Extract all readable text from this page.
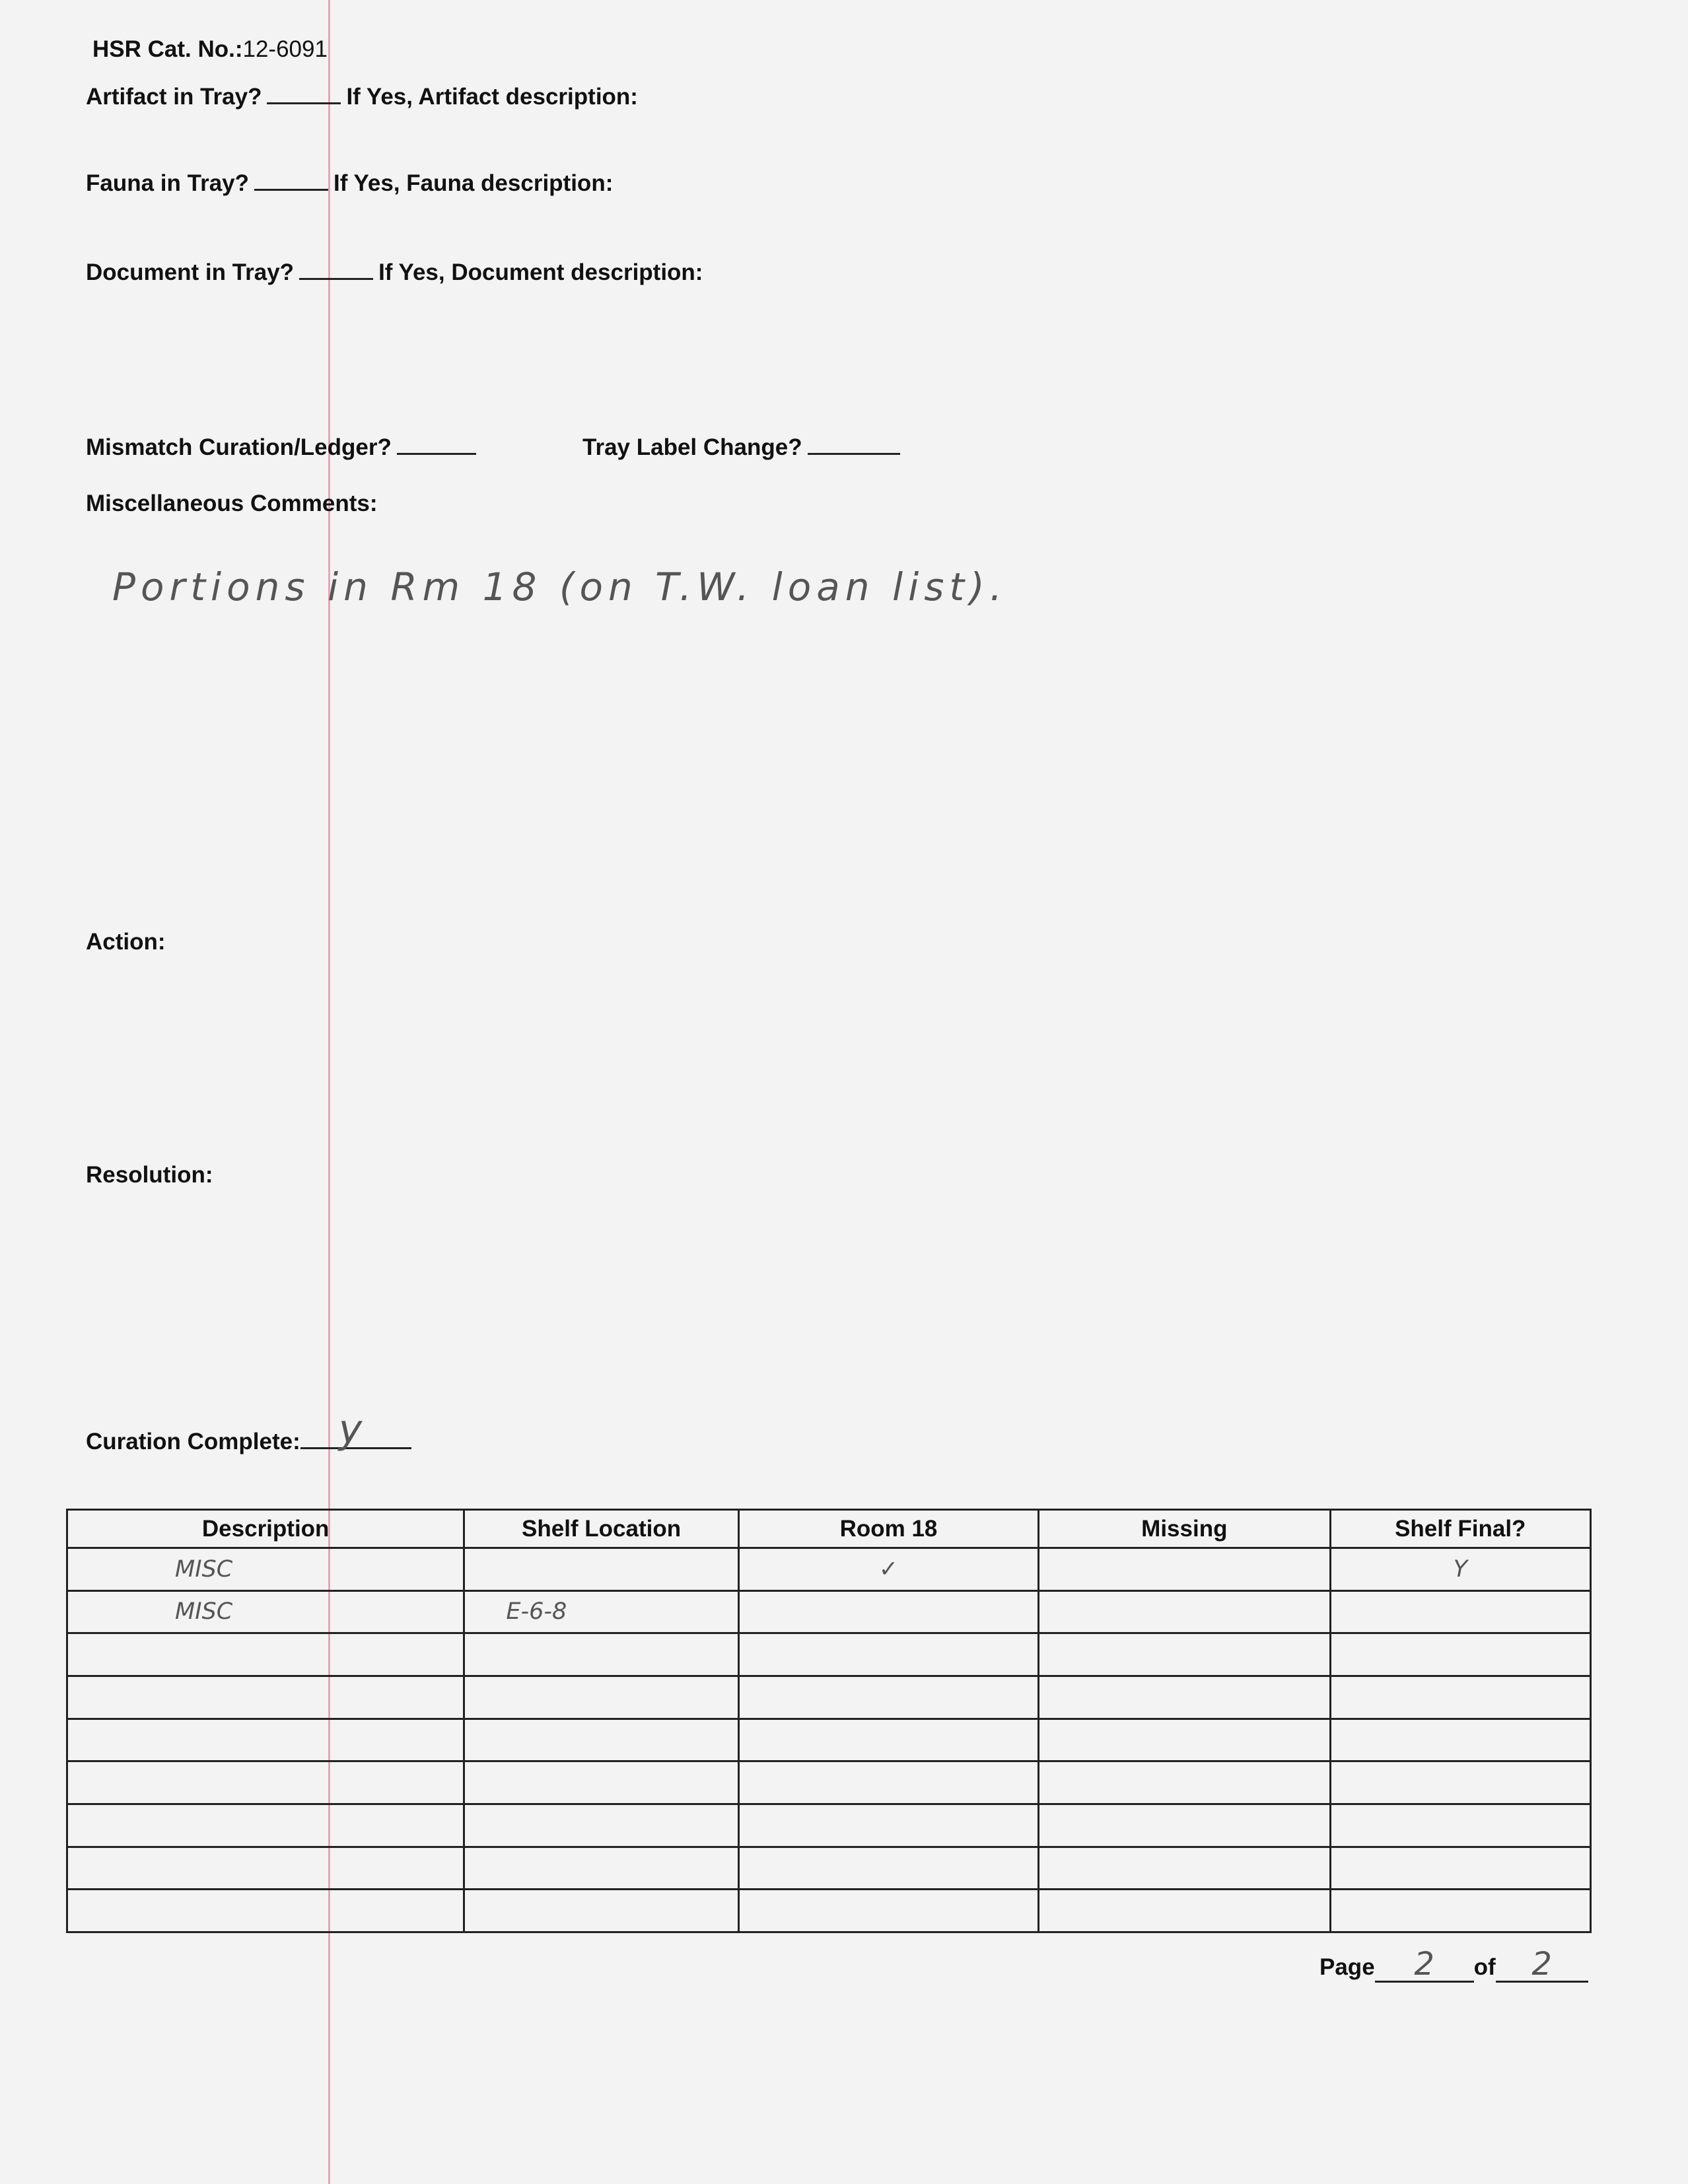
HSR Cat. No.:12-6091
Artifact in Tray?	If Yes, Artifact description:
Fauna in Tray?	If Yes, Fauna description:
Document in Tray?	If Yes, Document description:
Mismatch Curation/Ledger?	Tray Label Change?
Miscellaneous Comments:
Portions in Rm 18 (on T.W. loan list).
Action:
Resolution:
Curation Complete: y
Description	Shelf Location	Room 18	Missing	Shelf Final?
MISC		✓		Y
MISC	E-6-8			

Page 2 of 2
